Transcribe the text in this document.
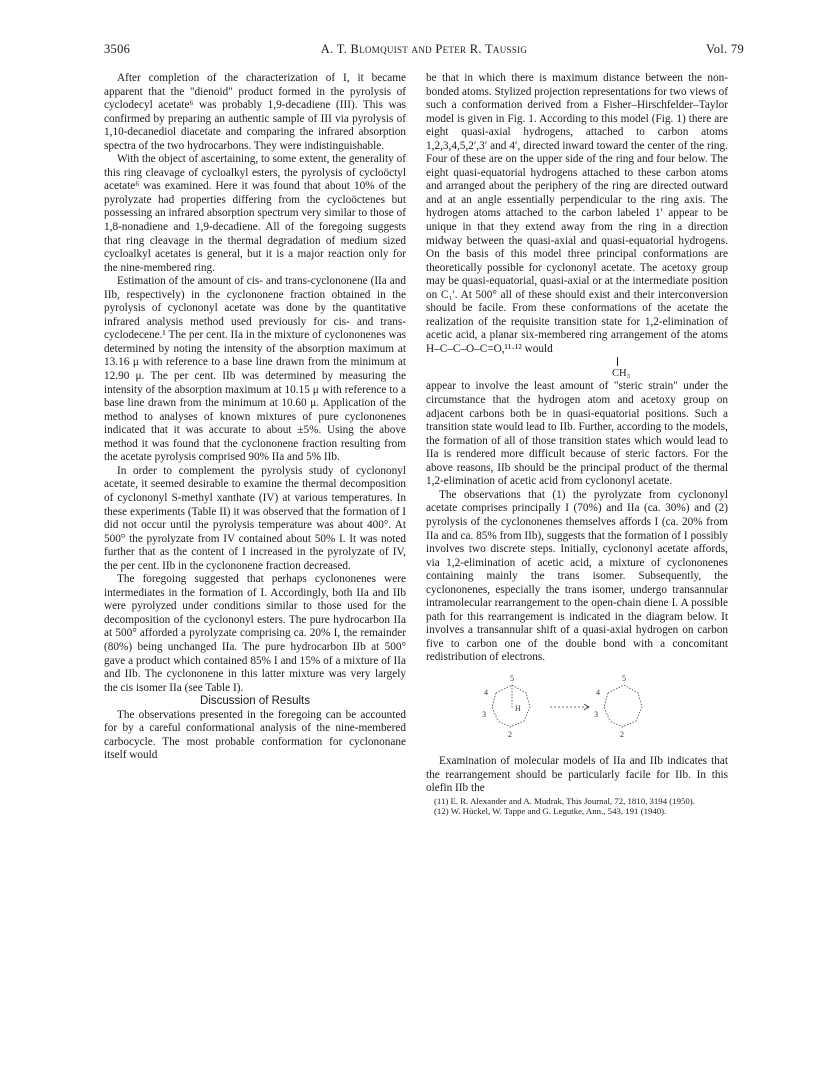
3506	A. T. Blomquist and Peter R. Taussig	Vol. 79

After completion of the characterization of I, it became apparent that the "dienoid" product formed in the pyrolysis of cyclodecyl acetate⁶ was probably 1,9-decadiene (III). This was confirmed by preparing an authentic sample of III via pyrolysis of 1,10-decanediol diacetate and comparing the infrared absorption spectra of the two hydrocarbons. They were indistinguishable.

With the object of ascertaining, to some extent, the generality of this ring cleavage of cycloalkyl esters, the pyrolysis of cycloöctyl acetate⁶ was examined. Here it was found that about 10% of the pyrolyzate had properties differing from the cycloöctenes but possessing an infrared absorption spectrum very similar to those of 1,8-nonadiene and 1,9-decadiene. All of the foregoing suggests that ring cleavage in the thermal degradation of medium sized cycloalkyl acetates is general, but it is a major reaction only for the nine-membered ring.

Estimation of the amount of cis- and trans-cyclononene (IIa and IIb, respectively) in the cyclononene fraction obtained in the pyrolysis of cyclononyl acetate was done by the quantitative infrared analysis method used previously for cis- and trans-cyclodecene.¹ The per cent. IIa in the mixture of cyclononenes was determined by noting the intensity of the absorption maximum at 13.16 μ with reference to a base line drawn from the minimum at 12.90 μ. The per cent. IIb was determined by measuring the intensity of the absorption maximum at 10.15 μ with reference to a base line drawn from the minimum at 10.60 μ. Application of the method to analyses of known mixtures of pure cyclononenes indicated that it was accurate to about ±5%. Using the above method it was found that the cyclononene fraction resulting from the acetate pyrolysis comprised 90% IIa and 5% IIb.

In order to complement the pyrolysis study of cyclononyl acetate, it seemed desirable to examine the thermal decomposition of cyclononyl S-methyl xanthate (IV) at various temperatures. In these experiments (Table II) it was observed that the formation of I did not occur until the pyrolysis temperature was about 400°. At 500° the pyrolyzate from IV contained about 50% I. It was noted further that as the content of I increased in the pyrolyzate of IV, the per cent. IIb in the cyclononene fraction decreased.

The foregoing suggested that perhaps cyclononenes were intermediates in the formation of I. Accordingly, both IIa and IIb were pyrolyzed under conditions similar to those used for the decomposition of the cyclononyl esters. The pure hydrocarbon IIa at 500° afforded a pyrolyzate comprising ca. 20% I, the remainder (80%) being unchanged IIa. The pure hydrocarbon IIb at 500° gave a product which contained 85% I and 15% of a mixture of IIa and IIb. The cyclononene in this latter mixture was very largely the cis isomer IIa (see Table I).

Discussion of Results

The observations presented in the foregoing can be accounted for by a careful conformational analysis of the nine-membered carbocycle. The most probable conformation for cyclononane itself would

be that in which there is maximum distance between the non-bonded atoms. Stylized projection representations for two views of such a conformation derived from a Fisher–Hirschfelder–Taylor model is given in Fig. 1. According to this model (Fig. 1) there are eight quasi-axial hydrogens, attached to carbon atoms 1,2,3,4,5,2′,3′ and 4′, directed inward toward the center of the ring. Four of these are on the upper side of the ring and four below. The eight quasi-equatorial hydrogens attached to these carbon atoms and arranged about the periphery of the ring are directed outward and at an angle essentially perpendicular to the ring axis. The hydrogen atoms attached to the carbon labeled 1′ appear to be unique in that they extend away from the ring in a direction midway between the quasi-axial and quasi-equatorial hydrogens. On the basis of this model three principal conformations are theoretically possible for cyclononyl acetate. The acetoxy group may be quasi-equatorial, quasi-axial or at the intermediate position on C₁′. At 500° all of these should exist and their interconversion should be facile. From these conformations of the acetate the realization of the requisite transition state for 1,2-elimination of acetic acid, a planar six-membered ring arrangement of the atoms H–C–C–O–C=O,¹¹·¹² would

CH₃

appear to involve the least amount of "steric strain" under the circumstance that the hydrogen atom and acetoxy group on adjacent carbons both be in quasi-equatorial positions. Such a transition state would lead to IIb. Further, according to the models, the formation of all of those transition states which would lead to IIa is rendered more difficult because of steric factors. For the above reasons, IIb should be the principal product of the thermal 1,2-elimination of acetic acid from cyclononyl acetate.

The observations that (1) the pyrolyzate from cyclononyl acetate comprises principally I (70%) and IIa (ca. 30%) and (2) pyrolysis of the cyclononenes themselves affords I (ca. 20% from IIa and ca. 85% from IIb), suggests that the formation of I possibly involves two discrete steps. Initially, cyclononyl acetate affords, via 1,2-elimination of acetic acid, a mixture of cyclononenes containing mainly the trans isomer. Subsequently, the cyclononenes, especially the trans isomer, undergo transannular intramolecular rearrangement to the open-chain diene I. A possible path for this rearrangement is indicated in the diagram below. It involves a transannular shift of a quasi-axial hydrogen on carbon five to carbon one of the double bond with a concomitant redistribution of electrons.

5
4
3
2
H
5
4
3
2

Examination of molecular models of IIa and IIb indicates that the rearrangement should be particularly facile for IIb. In this olefin IIb the

(11) E. R. Alexander and A. Mudrak, This Journal, 72, 1810, 3194 (1950).

(12) W. Hückel, W. Tappe and G. Legutke, Ann., 543, 191 (1940).
